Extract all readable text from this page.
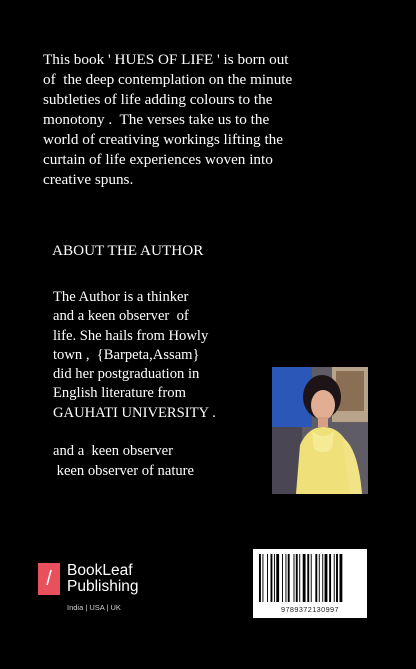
This book ' HUES OF LIFE ' is born out
of  the deep contemplation on the minute
subtleties of life adding colours to the
monotony .  The verses take us to the
world of creativing workings lifting the
curtain of life experiences woven into
creative spuns.
ABOUT THE AUTHOR
The Author is a thinker
and a keen observer  of
life. She hails from Howly
town ,  {Barpeta,Assam}
did her postgraduation in
English literature from
GAUHATI UNIVERSITY .
and a  keen observer
keen observer of nature
/ BookLeaf
Publishing
India | USA | UK	9789372130997
